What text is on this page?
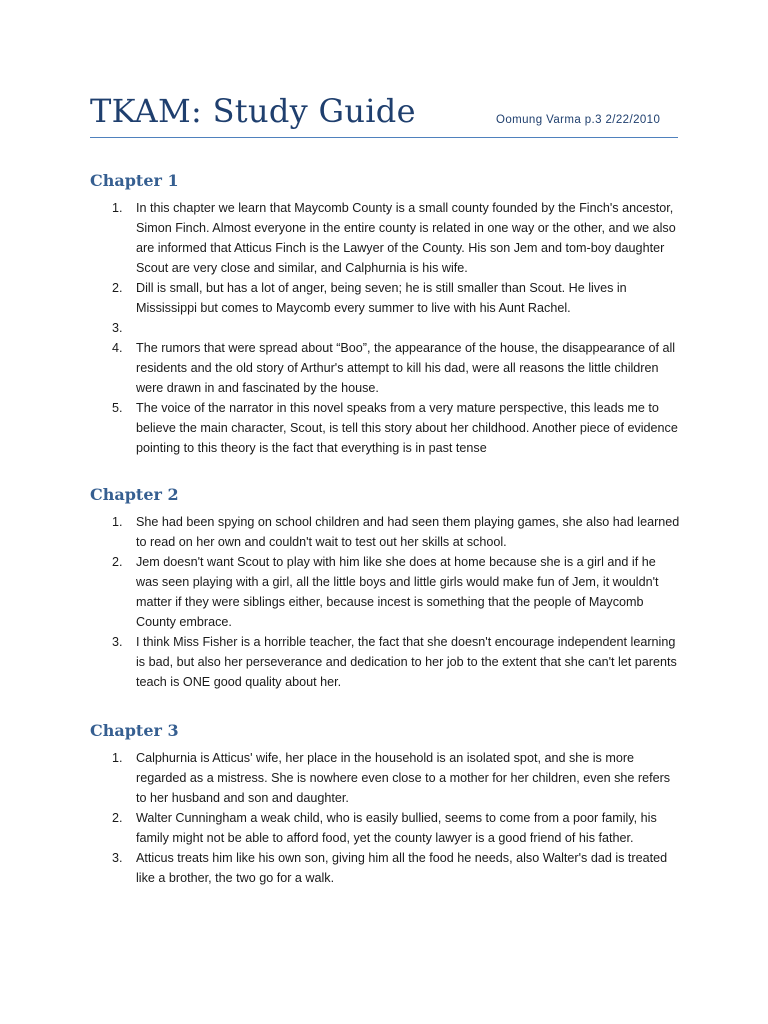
TKAM: Study Guide	Oomung Varma p.3 2/22/2010
Chapter 1
1.	In this chapter we learn that Maycomb County is a small county founded by the Finch's ancestor, Simon Finch. Almost everyone in the entire county is related in one way or the other, and we also are informed that Atticus Finch is the Lawyer of the County. His son Jem and tom-boy daughter Scout are very close and similar, and Calphurnia is his wife.
2.	Dill is small, but has a lot of anger, being seven; he is still smaller than Scout. He lives in Mississippi but comes to Maycomb every summer to live with his Aunt Rachel.
3.
4.	The rumors that were spread about “Boo”, the appearance of the house, the disappearance of all residents and the old story of Arthur's attempt to kill his dad, were all reasons the little children were drawn in and fascinated by the house.
5.	The voice of the narrator in this novel speaks from a very mature perspective, this leads me to believe the main character, Scout, is tell this story about her childhood. Another piece of evidence pointing to this theory is the fact that everything is in past tense
Chapter 2
1.	She had been spying on school children and had seen them playing games, she also had learned to read on her own and couldn't wait to test out her skills at school.
2.	Jem doesn't want Scout to play with him like she does at home because she is a girl and if he was seen playing with a girl, all the little boys and little girls would make fun of Jem, it wouldn't matter if they were siblings either, because incest is something that the people of Maycomb County embrace.
3.	I think Miss Fisher is a horrible teacher, the fact that she doesn't encourage independent learning is bad, but also her perseverance and dedication to her job to the extent that she can't let parents teach is ONE good quality about her.
Chapter 3
1.	Calphurnia is Atticus' wife, her place in the household is an isolated spot, and she is more regarded as a mistress. She is nowhere even close to a mother for her children, even she refers to her husband and son and daughter.
2.	Walter Cunningham a weak child, who is easily bullied, seems to come from a poor family, his family might not be able to afford food, yet the county lawyer is a good friend of his father.
3.	Atticus treats him like his own son, giving him all the food he needs, also Walter's dad is treated like a brother, the two go for a walk.
